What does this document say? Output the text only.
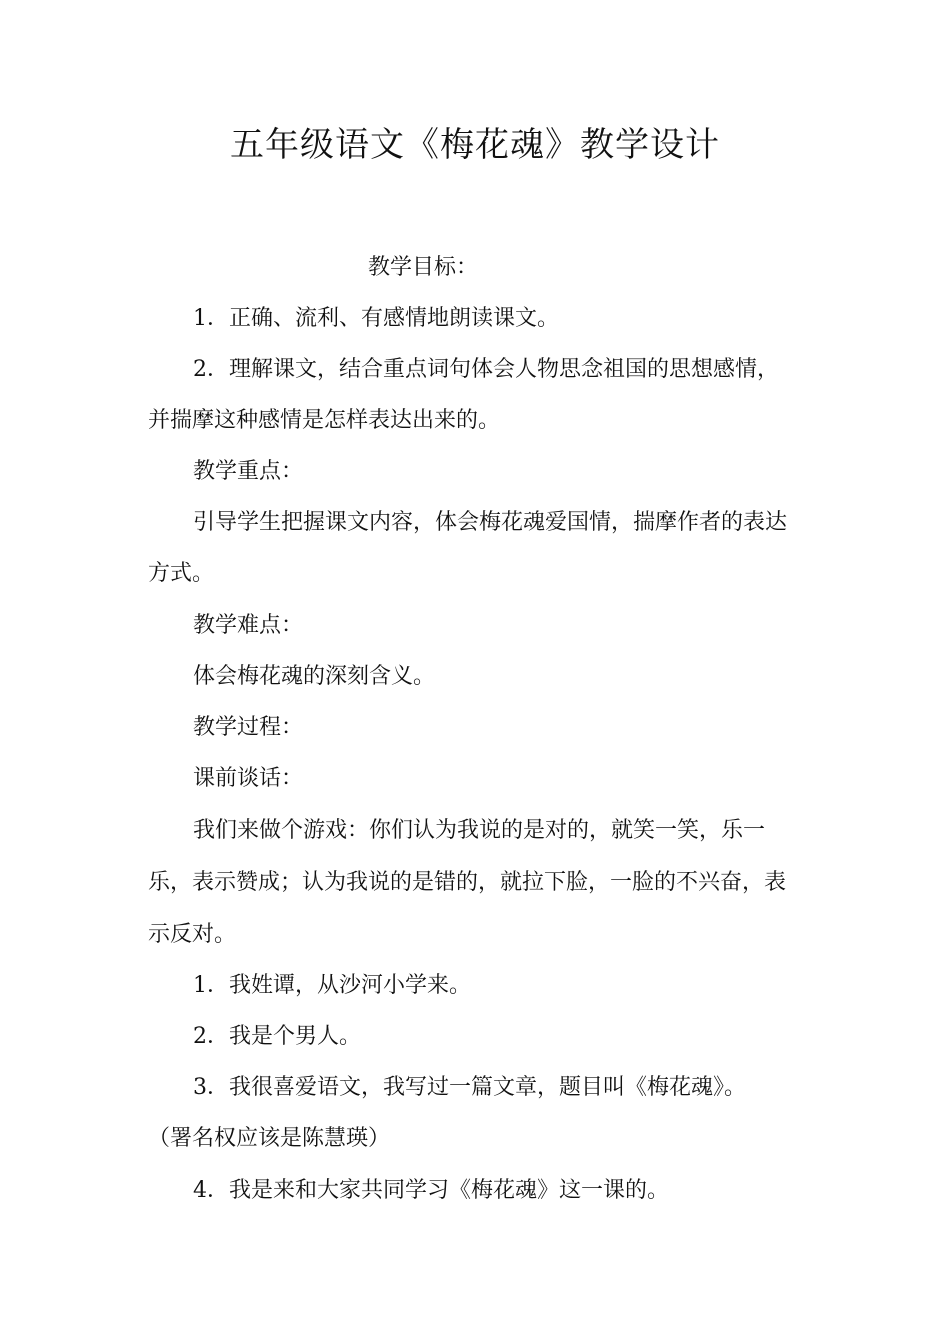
五年级语文《梅花魂》教学设计

教学目标：

1．正确、流利、有感情地朗读课文。

2．理解课文，结合重点词句体会人物思念祖国的思想感情，

并揣摩这种感情是怎样表达出来的。

教学重点：

引导学生把握课文内容，体会梅花魂爱国情，揣摩作者的表达

方式。

教学难点：

体会梅花魂的深刻含义。

教学过程：

课前谈话：

我们来做个游戏：你们认为我说的是对的，就笑一笑，乐一

乐，表示赞成；认为我说的是错的，就拉下脸，一脸的不兴奋，表

示反对。

1．我姓谭，从沙河小学来。

2．我是个男人。

3．我很喜爱语文，我写过一篇文章，题目叫《梅花魂》。

（署名权应该是陈慧瑛）

4．我是来和大家共同学习《梅花魂》这一课的。
